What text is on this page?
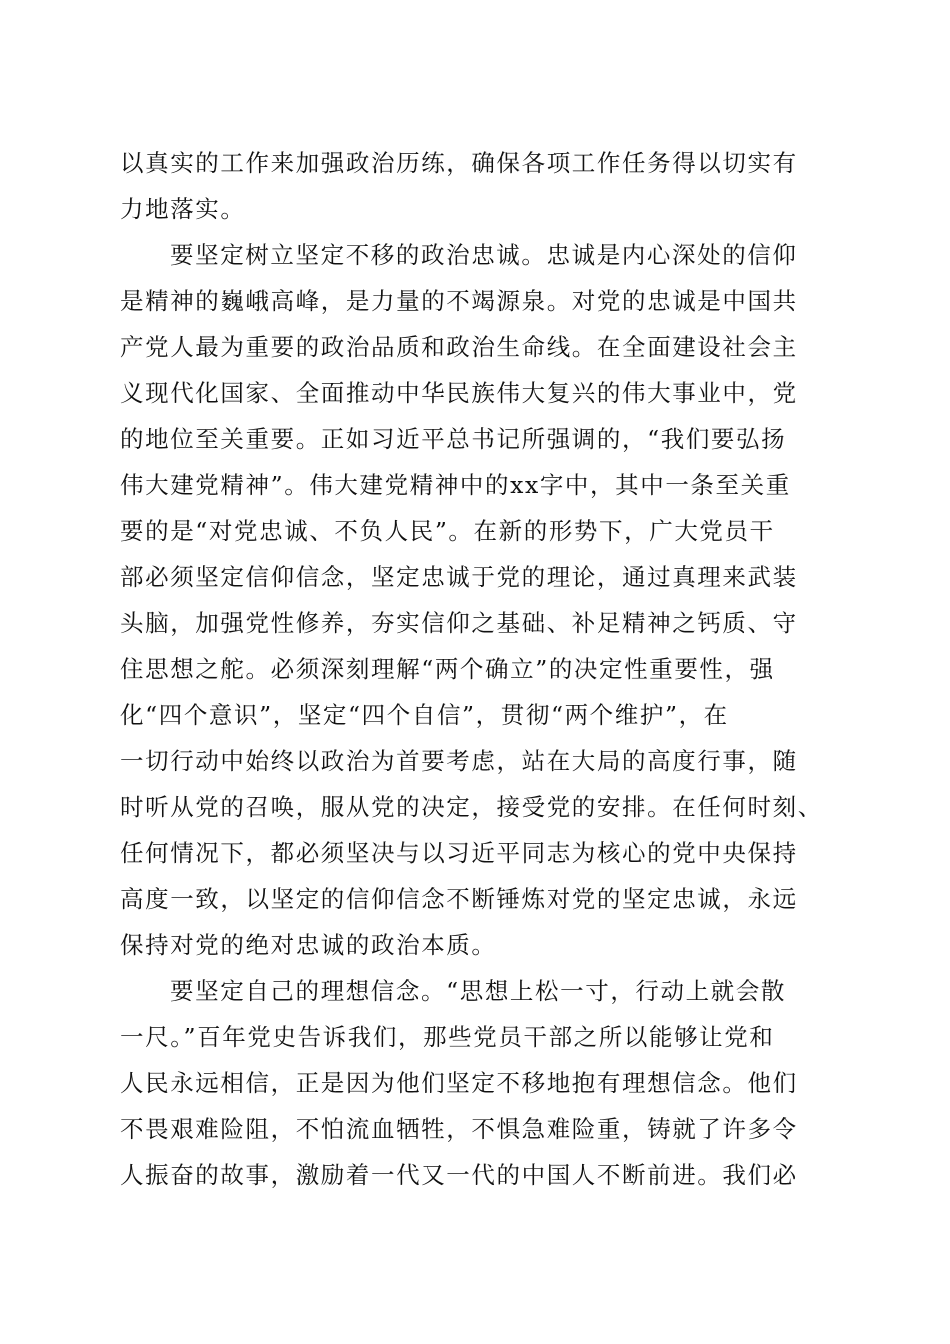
以真实的工作来加强政治历练，确保各项工作任务得以切实有
力地落实。
要坚定树立坚定不移的政治忠诚。忠诚是内心深处的信仰
是精神的巍峨高峰，是力量的不竭源泉。对党的忠诚是中国共
产党人最为重要的政治品质和政治生命线。在全面建设社会主
义现代化国家、全面推动中华民族伟大复兴的伟大事业中，党
的地位至关重要。正如习近平总书记所强调的，“我们要弘扬
伟大建党精神”。伟大建党精神中的xx字中，其中一条至关重
要的是“对党忠诚、不负人民”。在新的形势下，广大党员干
部必须坚定信仰信念，坚定忠诚于党的理论，通过真理来武装
头脑，加强党性修养，夯实信仰之基础、补足精神之钙质、守
住思想之舵。必须深刻理解“两个确立”的决定性重要性，强
化“四个意识”，坚定“四个自信”，贯彻“两个维护”，在
一切行动中始终以政治为首要考虑，站在大局的高度行事，随
时听从党的召唤，服从党的决定，接受党的安排。在任何时刻、
任何情况下，都必须坚决与以习近平同志为核心的党中央保持
高度一致，以坚定的信仰信念不断锤炼对党的坚定忠诚，永远
保持对党的绝对忠诚的政治本质。
要坚定自己的理想信念。“思想上松一寸，行动上就会散
一尺。”百年党史告诉我们，那些党员干部之所以能够让党和
人民永远相信，正是因为他们坚定不移地抱有理想信念。他们
不畏艰难险阻，不怕流血牺牲，不惧急难险重，铸就了许多令
人振奋的故事，激励着一代又一代的中国人不断前进。我们必
